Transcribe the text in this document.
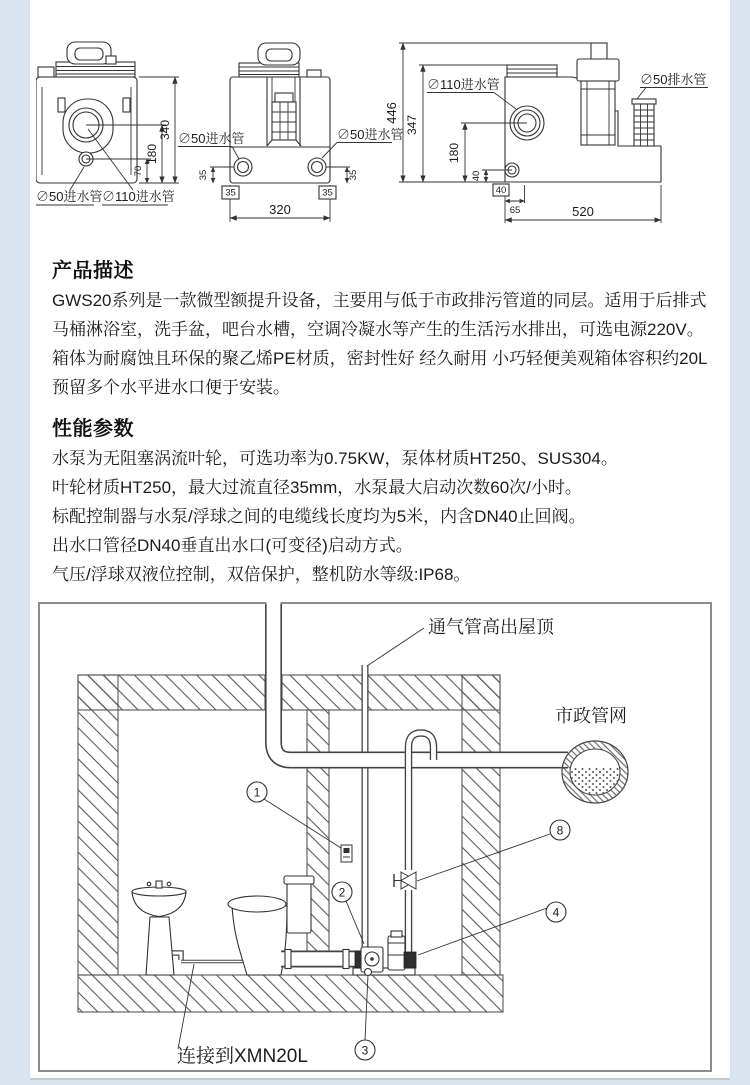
340
180
70
∅50进水管 ∅110进水管
35	35
35	35
320
∅50进水管	∅50进水管
446
347
180
40
40
65	520
∅110进水管	∅50排水管
产品描述
GWS20系列是一款微型额提升设备，主要用与低于市政排污管道的同层。适用于后排式
马桶淋浴室，洗手盆，吧台水槽，空调冷凝水等产生的生活污水排出，可选电源220V。
箱体为耐腐蚀且环保的聚乙烯PE材质，密封性好 经久耐用 小巧轻便美观箱体容积约20L
预留多个水平进水口便于安装。
性能参数
水泵为无阻塞涡流叶轮，可选功率为0.75KW，泵体材质HT250、SUS304。
叶轮材质HT250，最大过流直径35mm，水泵最大启动次数60次/小时。
标配控制器与水泵/浮球之间的电缆线长度均为5米，内含DN40止回阀。
出水口管径DN40垂直出水口(可变径)启动方式。
气压/浮球双液位控制，双倍保护，整机防水等级:IP68。
1
2
3
4
8
通气管高出屋顶
市政管网
连接到XMN20L
